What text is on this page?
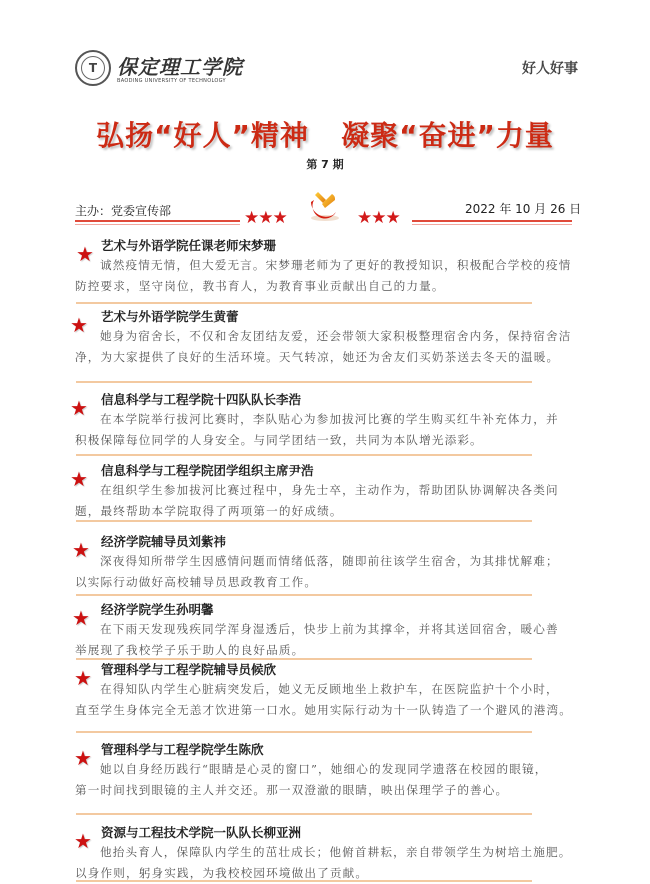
T 保定理工学院
BAODING UNIVERSITY OF TECHNOLOGY
好人好事
弘扬“好人”精神   凝聚“奋进”力量
第 7 期
主办：党委宣传部	2022 年 10 月 26 日
★★★	★★★
★ 艺术与外语学院任课老师宋梦珊
诚然疫情无情，但大爱无言。宋梦珊老师为了更好的教授知识，积极配合学校的疫情
防控要求，坚守岗位，教书育人，为教育事业贡献出自己的力量。
★ 艺术与外语学院学生黄蕾
她身为宿舍长，不仅和舍友团结友爱，还会带领大家积极整理宿舍内务，保持宿舍洁
净，为大家提供了良好的生活环境。天气转凉，她还为舍友们买奶茶送去冬天的温暖。
★ 信息科学与工程学院十四队队长李浩
在本学院举行拔河比赛时，李队贴心为参加拔河比赛的学生购买红牛补充体力，并
积极保障每位同学的人身安全。与同学团结一致，共同为本队增光添彩。
★ 信息科学与工程学院团学组织主席尹浩
在组织学生参加拔河比赛过程中，身先士卒，主动作为，帮助团队协调解决各类问
题，最终帮助本学院取得了两项第一的好成绩。
★ 经济学院辅导员刘紫祎
深夜得知所带学生因感情问题而情绪低落，随即前往该学生宿舍，为其排忧解难；
以实际行动做好高校辅导员思政教育工作。
★ 经济学院学生孙明馨
在下雨天发现残疾同学浑身湿透后，快步上前为其撑伞，并将其送回宿舍，暖心善
举展现了我校学子乐于助人的良好品质。
★ 管理科学与工程学院辅导员候欣
在得知队内学生心脏病突发后，她义无反顾地坐上救护车，在医院监护十个小时，
直至学生身体完全无恙才饮进第一口水。她用实际行动为十一队铸造了一个避风的港湾。
★ 管理科学与工程学院学生陈欣
她以自身经历践行“眼睛是心灵的窗口”，她细心的发现同学遗落在校园的眼镜，
第一时间找到眼镜的主人并交还。那一双澄澈的眼睛，映出保理学子的善心。
★ 资源与工程技术学院一队队长柳亚洲
他抬头育人，保障队内学生的茁壮成长；他俯首耕耘，亲自带领学生为树培土施肥。
以身作则，躬身实践，为我校校园环境做出了贡献。
